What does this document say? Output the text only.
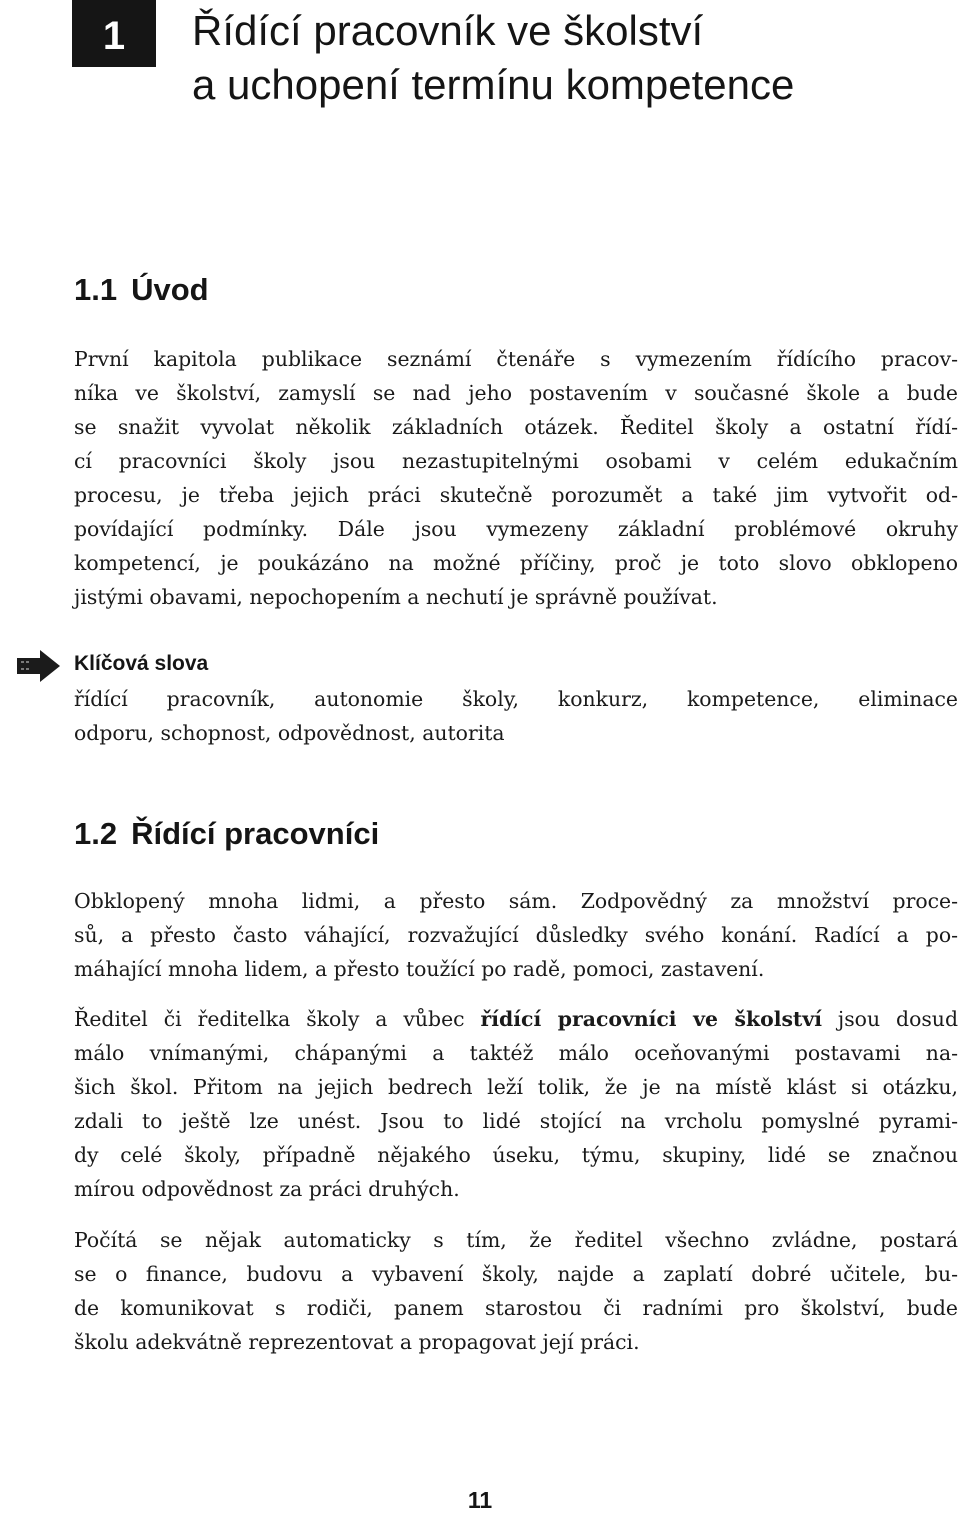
1 Řídící pracovník ve školství
a uchopení termínu kompetence
1.1 Úvod

První kapitola publikace seznámí čtenáře s vymezením řídícího pracov-
níka ve školství, zamyslí se nad jeho postavením v současné škole a bude
se snažit vyvolat několik základních otázek. Ředitel školy a ostatní řídí-
cí pracovníci školy jsou nezastupitelnými osobami v celém edukačním
procesu, je třeba jejich práci skutečně porozumět a také jim vytvořit od-
povídající podmínky. Dále jsou vymezeny základní problémové okruhy
kompetencí, je poukázáno na možné příčiny, proč je toto slovo obklopeno
jistými obavami, nepochopením a nechutí je správně používat.

Klíčová slova

řídící pracovník, autonomie školy, konkurz, kompetence, eliminace
odporu, schopnost, odpovědnost, autorita

1.2 Řídící pracovníci

Obklopený mnoha lidmi, a přesto sám. Zodpovědný za množství proce-
sů, a přesto často váhající, rozvažující důsledky svého konání. Radící a po-
máhající mnoha lidem, a přesto toužící po radě, pomoci, zastavení.

Ředitel či ředitelka školy a vůbec řídící pracovníci ve školství jsou dosud
málo vnímanými, chápanými a taktéž málo oceňovanými postavami na-
šich škol. Přitom na jejich bedrech leží tolik, že je na místě klást si otázku,
zdali to ještě lze unést. Jsou to lidé stojící na vrcholu pomyslné pyrami-
dy celé školy, případně nějakého úseku, týmu, skupiny, lidé se značnou
mírou odpovědnost za práci druhých.

Počítá se nějak automaticky s tím, že ředitel všechno zvládne, postará
se o finance, budovu a vybavení školy, najde a zaplatí dobré učitele, bu-
de komunikovat s rodiči, panem starostou či radními pro školství, bude
školu adekvátně reprezentovat a propagovat její práci.

11
